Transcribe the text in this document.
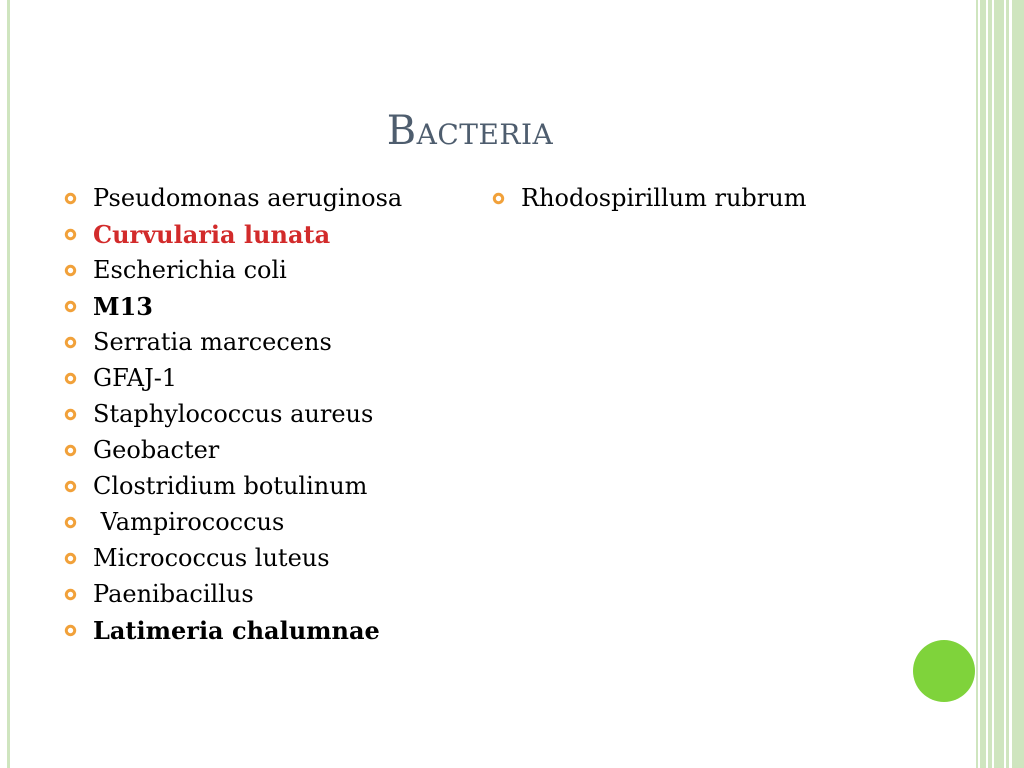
Bacteria
Pseudomonas aeruginosa
Curvularia lunata
Escherichia coli
M13
Serratia marcecens
GFAJ-1
Staphylococcus aureus
Geobacter
Clostridium botulinum
Vampirococcus
Micrococcus luteus
Paenibacillus
Latimeria chalumnae
Rhodospirillum rubrum
